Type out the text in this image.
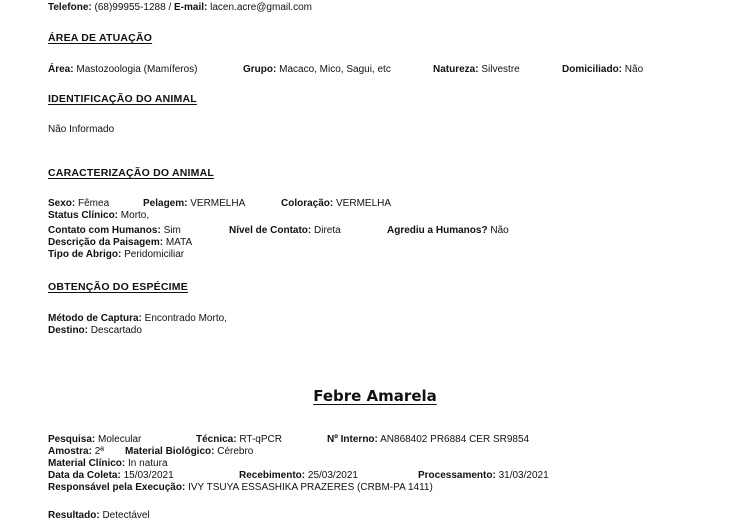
Telefone: (68)99955-1288 / E-mail: lacen.acre@gmail.com
ÁREA DE ATUAÇÃO
Área: Mastozoologia (Mamíferos)	Grupo: Macaco, Mico, Sagui, etc	Natureza: Silvestre	Domiciliado: Não
IDENTIFICAÇÃO DO ANIMAL
Não Informado
CARACTERIZAÇÃO DO ANIMAL
Sexo: Fêmea	Pelagem: VERMELHA	Coloração: VERMELHA
Status Clínico: Morto,
Contato com Humanos: Sim	Nível de Contato: Direta	Agrediu a Humanos? Não
Descrição da Paisagem: MATA
Tipo de Abrigo: Peridomiciliar
OBTENÇÃO DO ESPÉCIME
Método de Captura: Encontrado Morto,
Destino: Descartado
Febre Amarela
Pesquisa: Molecular	Técnica: RT-qPCR	Nº Interno: AN868402 PR6884 CER SR9854
Amostra: 2ª Material Biológico: Cérebro
Material Clínico: In natura
Data da Coleta: 15/03/2021	Recebimento: 25/03/2021	Processamento: 31/03/2021
Responsável pela Execução: IVY TSUYA ESSASHIKA PRAZERES (CRBM-PA 1411)
Resultado: Detectável
